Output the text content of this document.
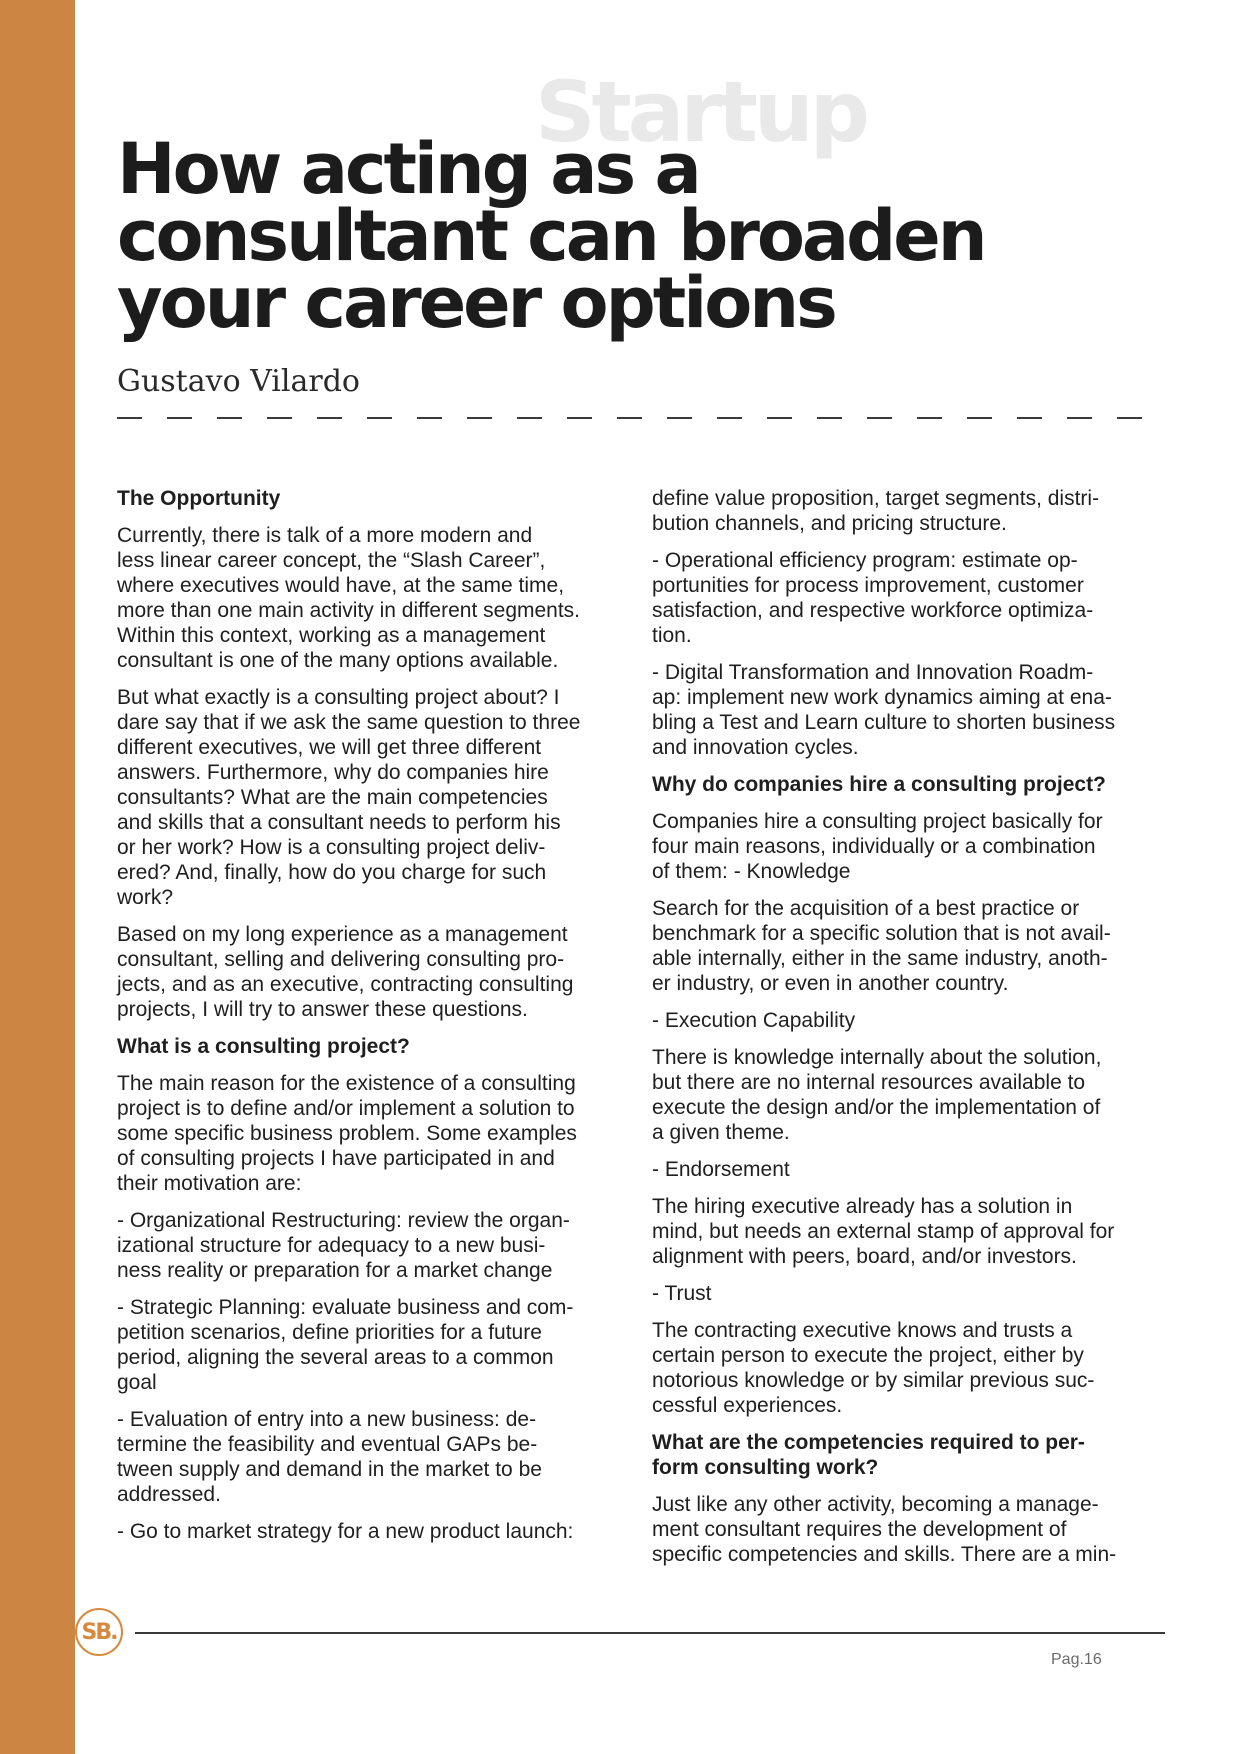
Startup
How acting as a
consultant can broaden
your career options
Gustavo Vilardo

The Opportunity

Currently, there is talk of a more modern and
less linear career concept, the “Slash Career”,
where executives would have, at the same time,
more than one main activity in different segments.
Within this context, working as a management
consultant is one of the many options available.

But what exactly is a consulting project about? I
dare say that if we ask the same question to three
different executives, we will get three different
answers. Furthermore, why do companies hire
consultants? What are the main competencies
and skills that a consultant needs to perform his
or her work? How is a consulting project deliv-
ered? And, finally, how do you charge for such
work?

Based on my long experience as a management
consultant, selling and delivering consulting pro-
jects, and as an executive, contracting consulting
projects, I will try to answer these questions.

What is a consulting project?

The main reason for the existence of a consulting
project is to define and/or implement a solution to
some specific business problem. Some examples
of consulting projects I have participated in and
their motivation are:

- Organizational Restructuring: review the organ-
izational structure for adequacy to a new busi-
ness reality or preparation for a market change

- Strategic Planning: evaluate business and com-
petition scenarios, define priorities for a future
period, aligning the several areas to a common
goal

- Evaluation of entry into a new business: de-
termine the feasibility and eventual GAPs be-
tween supply and demand in the market to be
addressed.

- Go to market strategy for a new product launch:

define value proposition, target segments, distri-
bution channels, and pricing structure.

- Operational efficiency program: estimate op-
portunities for process improvement, customer
satisfaction, and respective workforce optimiza-
tion.

- Digital Transformation and Innovation Roadm-
ap: implement new work dynamics aiming at ena-
bling a Test and Learn culture to shorten business
and innovation cycles.

Why do companies hire a consulting project?

Companies hire a consulting project basically for
four main reasons, individually or a combination
of them: - Knowledge

Search for the acquisition of a best practice or
benchmark for a specific solution that is not avail-
able internally, either in the same industry, anoth-
er industry, or even in another country.

- Execution Capability

There is knowledge internally about the solution,
but there are no internal resources available to
execute the design and/or the implementation of
a given theme.

- Endorsement

The hiring executive already has a solution in
mind, but needs an external stamp of approval for
alignment with peers, board, and/or investors.

- Trust

The contracting executive knows and trusts a
certain person to execute the project, either by
notorious knowledge or by similar previous suc-
cessful experiences.

What are the competencies required to per-
form consulting work?

Just like any other activity, becoming a manage-
ment consultant requires the development of
specific competencies and skills. There are a min-

SB.
Pag.16
